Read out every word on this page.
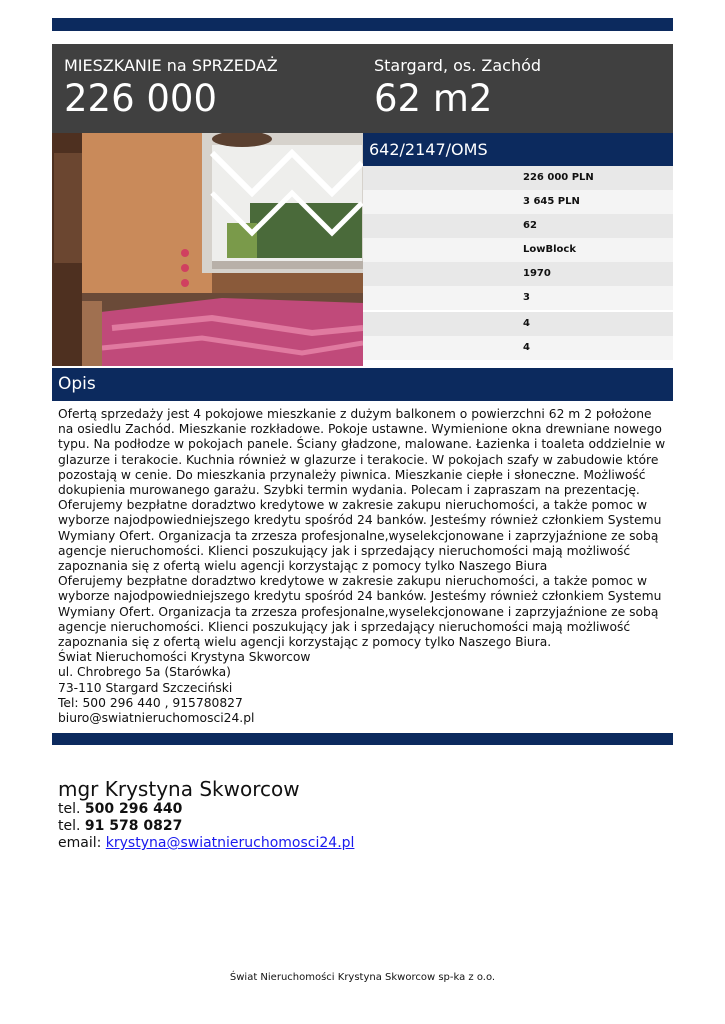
MIESZKANIE na SPRZEDAŻ
226 000
Stargard, os. Zachód
62 m2
642/2147/OMS
226 000 PLN
3 645 PLN
62
LowBlock
1970
3
4
4
Opis

Ofertą sprzedaży jest 4 pokojowe mieszkanie z dużym balkonem o powierzchni 62 m 2 położone na osiedlu Zachód. Mieszkanie rozkładowe. Pokoje ustawne. Wymienione okna drewniane nowego typu. Na podłodze w pokojach panele. Ściany gładzone, malowane. Łazienka i toaleta oddzielnie w glazurze i terakocie. Kuchnia również w glazurze i terakocie. W pokojach szafy w zabudowie które pozostają w cenie. Do mieszkania przynależy piwnica. Mieszkanie ciepłe i słoneczne. Możliwość dokupienia murowanego garażu. Szybki termin wydania. Polecam i zapraszam na prezentację.

Oferujemy bezpłatne doradztwo kredytowe w zakresie zakupu nieruchomości, a także pomoc w wyborze najodpowiedniejszego kredytu spośród 24 banków. Jesteśmy również członkiem Systemu Wymiany Ofert. Organizacja ta zrzesza profesjonalne,wyselekcjonowane i zaprzyjaźnione ze sobą agencje nieruchomości. Klienci poszukujący jak i sprzedający nieruchomości mają możliwość zapoznania się z ofertą wielu agencji korzystając z pomocy tylko Naszego Biura

Oferujemy bezpłatne doradztwo kredytowe w zakresie zakupu nieruchomości, a także pomoc w wyborze najodpowiedniejszego kredytu spośród 24 banków. Jesteśmy również członkiem Systemu Wymiany Ofert. Organizacja ta zrzesza profesjonalne,wyselekcjonowane i zaprzyjaźnione ze sobą agencje nieruchomości. Klienci poszukujący jak i sprzedający nieruchomości mają możliwość zapoznania się z ofertą wielu agencji korzystając z pomocy tylko Naszego Biura.

Świat Nieruchomości Krystyna Skworcow

ul. Chrobrego 5a (Starówka)

73-110 Stargard Szczeciński

Tel: 500 296 440 , 915780827

biuro@swiatnieruchomosci24.pl

mgr Krystyna Skworcow
tel. 500 296 440
tel. 91 578 0827
email: krystyna@swiatnieruchomosci24.pl
Świat Nieruchomości Krystyna Skworcow sp-ka z o.o.
